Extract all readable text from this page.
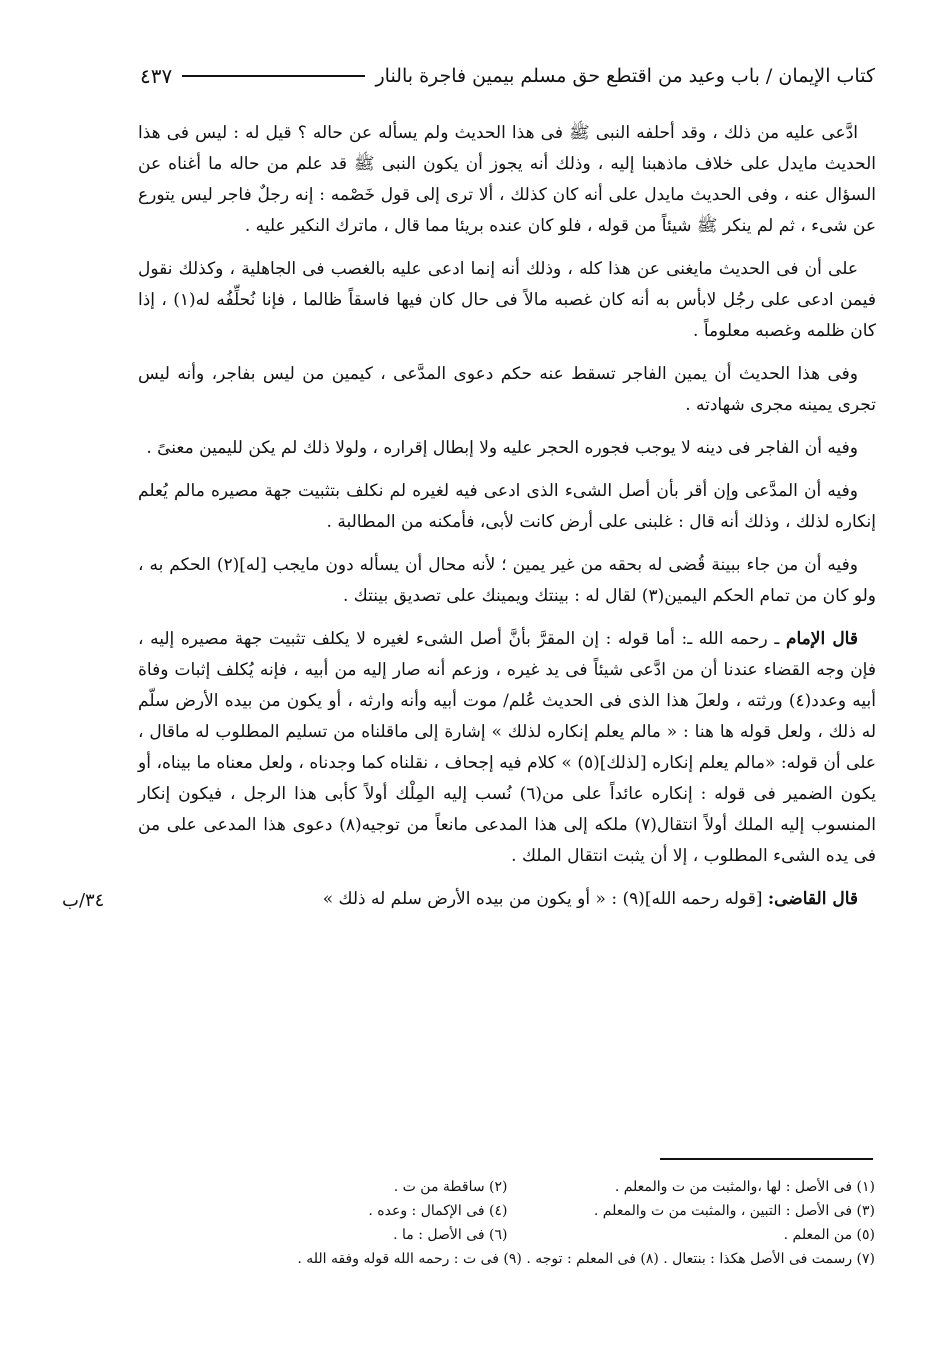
كتاب الإيمان / باب وعيد من اقتطع حق مسلم بيمين فاجرة بالنار
٤٣٧
٣٤/ب

ادَّعى عليه من ذلك ، وقد أحلفه النبى ﷺ فى هذا الحديث ولم يسأله عن حاله ؟ قيل له : ليس فى هذا الحديث مايدل على خلاف ماذهبنا إليه ، وذلك أنه يجوز أن يكون النبى ﷺ قد علم من حاله ما أغناه عن السؤال عنه ، وفى الحديث مايدل على أنه كان كذلك ، ألا ترى إلى قول خَصْمه : إنه رجلٌ فاجر ليس يتورع عن شىء ، ثم لم ينكر ﷺ شيئاً من قوله ، فلو كان عنده بريئا مما قال ، ماترك النكير عليه .

على أن فى الحديث مايغنى عن هذا كله ، وذلك أنه إنما ادعى عليه بالغصب فى الجاهلية ، وكذلك نقول فيمن ادعى على رجُل لابأس به أنه كان غصبه مالاً فى حال كان فيها فاسقاً ظالما ، فإنا نُحلِّفُه له(١) ، إذا كان ظلمه وغصبه معلوماً .

وفى هذا الحديث أن يمين الفاجر تسقط عنه حكم دعوى المدَّعى ، كيمين من ليس بفاجر، وأنه ليس تجرى يمينه مجرى شهادته .

وفيه أن الفاجر فى دينه لا يوجب فجوره الحجر عليه ولا إبطال إقراره ، ولولا ذلك لم يكن لليمين معنىً .

وفيه أن المدَّعى وإن أقر بأن أصل الشىء الذى ادعى فيه لغيره لم نكلف بتثبيت جهة مصيره مالم يُعلم إنكاره لذلك ، وذلك أنه قال : غلبنى على أرض كانت لأبى، فأمكنه من المطالبة .

وفيه أن من جاء ببينة قُضى له بحقه من غير يمين ؛ لأنه محال أن يسأله دون مايجب [له](٢) الحكم به ، ولو كان من تمام الحكم اليمين(٣) لقال له : بينتك ويمينك على تصديق بينتك .

قال الإمام ـ رحمه الله ـ: أما قوله : إن المقرَّ بأنَّ أصل الشىء لغيره لا يكلف تثبيت جهة مصيره إليه ، فإن وجه القضاء عندنا أن من ادَّعى شيئاً فى يد غيره ، وزعم أنه صار إليه من أبيه ، فإنه يُكلف إثبات وفاة أبيه وعدد(٤) ورثته ، ولعلَ هذا الذى فى الحديث عُلم/ موت أبيه وأنه وارثه ، أو يكون من بيده الأرض سلّم له ذلك ، ولعل قوله ها هنا : « مالم يعلم إنكاره لذلك » إشارة إلى ماقلناه من تسليم المطلوب له ماقال ، على أن قوله: «مالم يعلم إنكاره [لذلك](٥) » كلام فيه إجحاف ، نقلناه كما وجدناه ، ولعل معناه ما بيناه، أو يكون الضمير فى قوله : إنكاره عائداً على من(٦) نُسب إليه المِلْك أولاً كأبى هذا الرجل ، فيكون إنكار المنسوب إليه الملك أولاً انتقال(٧) ملكه إلى هذا المدعى مانعاً من توجيه(٨) دعوى هذا المدعى على من فى يده الشىء المطلوب ، إلا أن يثبت انتقال الملك .

قال القاضى: [قوله رحمه الله](٩) : « أو يكون من بيده الأرض سلم له ذلك »

(١) فى الأصل : لها ،والمثبت من ت والمعلم .
(٢) ساقطة من ت .
(٣) فى الأصل : التبين ، والمثبت من ت والمعلم .
(٤) فى الإكمال : وعده .
(٥) من المعلم .
(٦) فى الأصل : ما .
(٧) رسمت فى الأصل هكذا : بنتعال . (٨) فى المعلم : توجه . (٩) فى ت : رحمه الله قوله وفقه الله .
